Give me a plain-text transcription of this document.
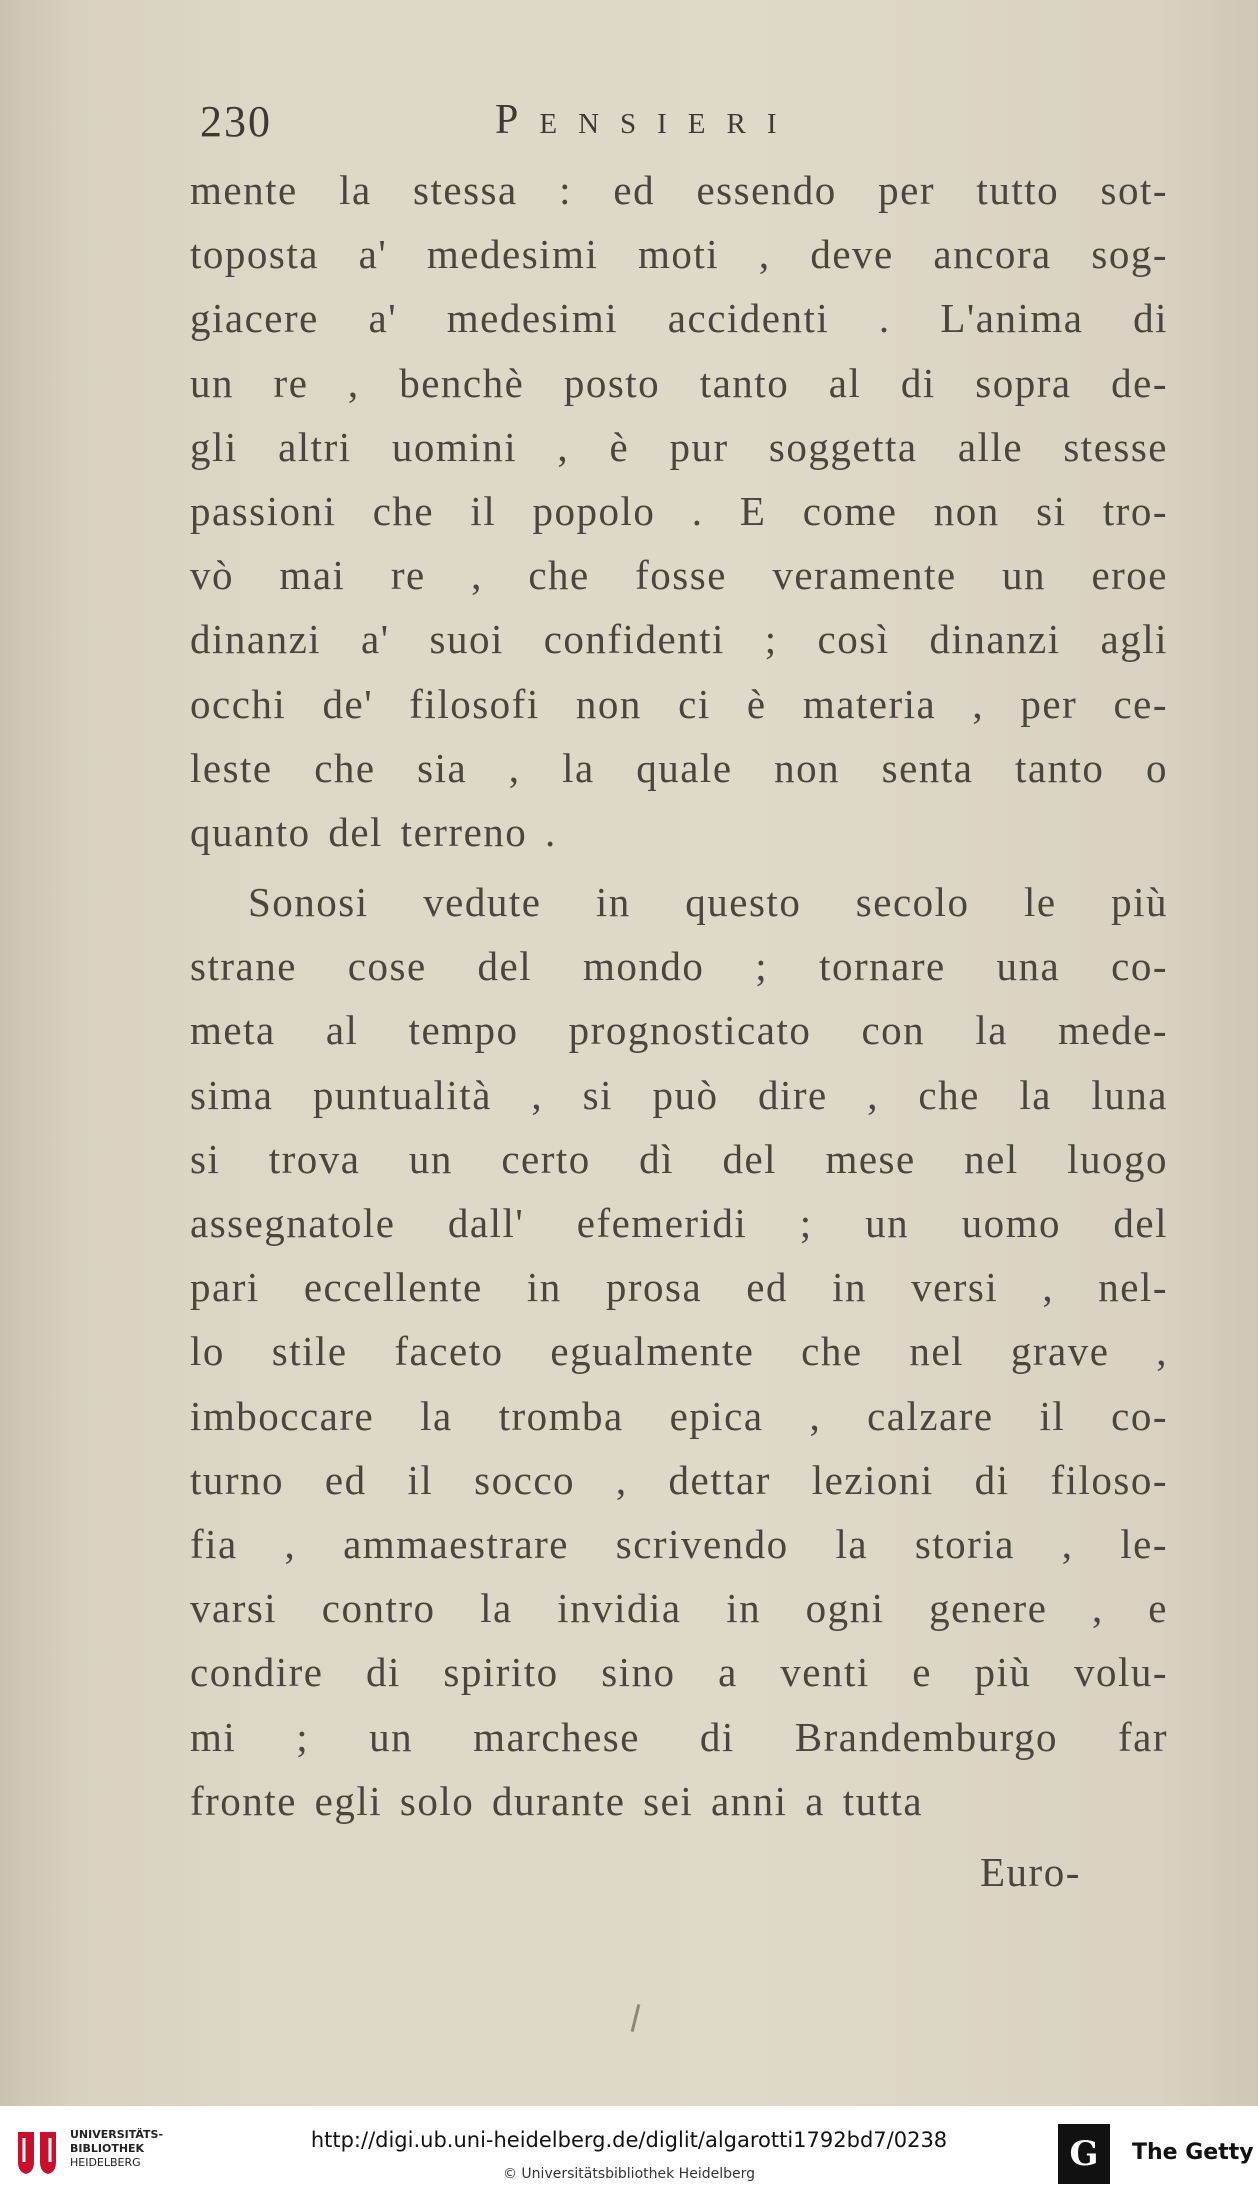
230	Pensieri
mente la stessa : ed essendo per tutto sot-
toposta a' medesimi moti , deve ancora sog-
giacere a' medesimi accidenti . L'anima di
un re , benchè posto tanto al di sopra de-
gli altri uomini , è pur soggetta alle stesse
passioni che il popolo . E come non si tro-
vò mai re , che fosse veramente un eroe
dinanzi a' suoi confidenti ; così dinanzi agli
occhi de' filosofi non ci è materia , per ce-
leste che sia , la quale non senta tanto o
quanto del terreno .
Sonosi vedute in questo secolo le più
strane cose del mondo ; tornare una co-
meta al tempo prognosticato con la mede-
sima puntualità , si può dire , che la luna
si trova un certo dì del mese nel luogo
assegnatole dall' efemeridi ; un uomo del
pari eccellente in prosa ed in versi , nel-
lo stile faceto egualmente che nel grave ,
imboccare la tromba epica , calzare il co-
turno ed il socco , dettar lezioni di filoso-
fia , ammaestrare scrivendo la storia , le-
varsi contro la invidia in ogni genere , e
condire di spirito sino a venti e più volu-
mi ; un marchese di Brandemburgo far
fronte egli solo durante sei anni a tutta
Euro-
UNIVERSITÄTS-
BIBLIOTHEK
HEIDELBERG
http://digi.ub.uni-heidelberg.de/diglit/algarotti1792bd7/0238
© Universitätsbibliothek Heidelberg	G	The Getty
